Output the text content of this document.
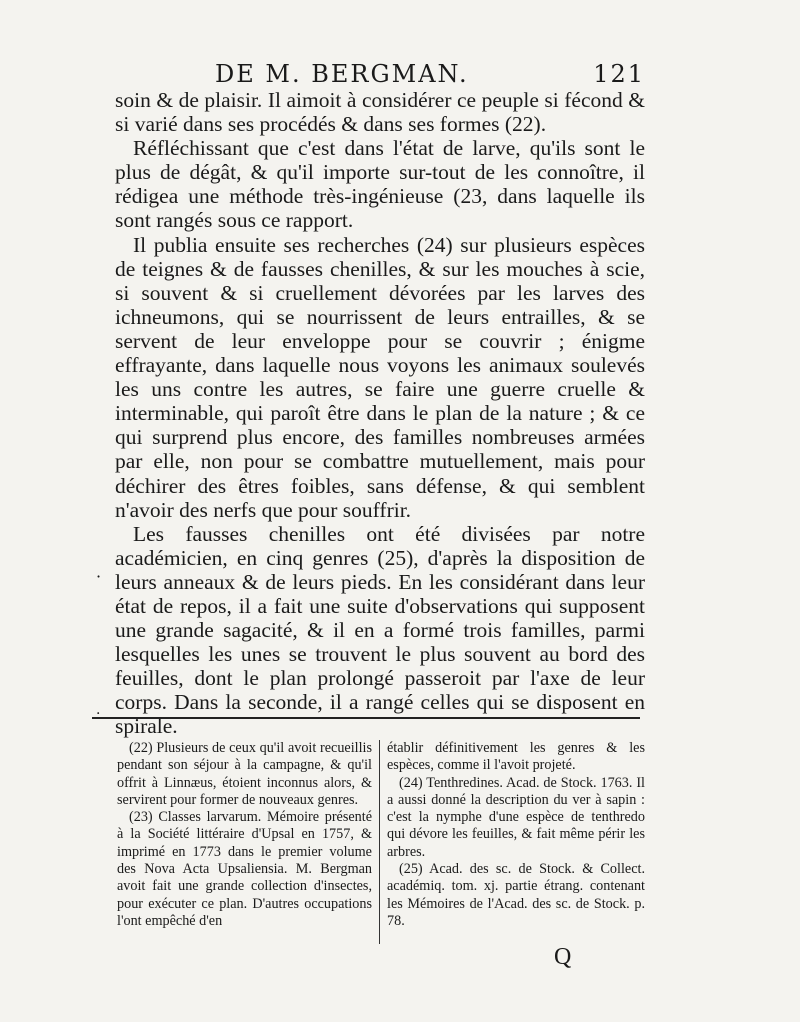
DE M. BERGMAN.	121

soin & de plaisir. Il aimoit à considérer ce peuple si fécond & si varié dans ses procédés & dans ses formes (22).

Réfléchissant que c'est dans l'état de larve, qu'ils sont le plus de dégât, & qu'il importe sur-tout de les connoître, il rédigea une méthode très-ingénieuse (23, dans laquelle ils sont rangés sous ce rapport.

Il publia ensuite ses recherches (24) sur plusieurs espèces de teignes & de fausses chenilles, & sur les mouches à scie, si souvent & si cruellement dévorées par les larves des ichneumons, qui se nourrissent de leurs entrailles, & se servent de leur enveloppe pour se couvrir ; énigme effrayante, dans laquelle nous voyons les animaux soulevés les uns contre les autres, se faire une guerre cruelle & interminable, qui paroît être dans le plan de la nature ; & ce qui surprend plus encore, des familles nombreuses armées par elle, non pour se combattre mutuellement, mais pour déchirer des êtres foibles, sans défense, & qui semblent n'avoir des nerfs que pour souffrir.

Les fausses chenilles ont été divisées par notre académicien, en cinq genres (25), d'après la disposition de leurs anneaux & de leurs pieds. En les considérant dans leur état de repos, il a fait une suite d'observations qui supposent une grande sagacité, & il en a formé trois familles, parmi lesquelles les unes se trouvent le plus souvent au bord des feuilles, dont le plan prolongé passeroit par l'axe de leur corps. Dans la seconde, il a rangé celles qui se disposent en spirale.

·
·

(22) Plusieurs de ceux qu'il avoit recueillis pendant son séjour à la campagne, & qu'il offrit à Linnæus, étoient inconnus alors, & servirent pour former de nouveaux genres.

(23) Classes larvarum. Mémoire présenté à la Société littéraire d'Upsal en 1757, & imprimé en 1773 dans le premier volume des Nova Acta Upsaliensia. M. Bergman avoit fait une grande collection d'insectes, pour exécuter ce plan. D'autres occupations l'ont empêché d'en

établir définitivement les genres & les espèces, comme il l'avoit projeté.

(24) Tenthredines. Acad. de Stock. 1763. Il a aussi donné la description du ver à sapin : c'est la nymphe d'une espèce de tenthredo qui dévore les feuilles, & fait même périr les arbres.

(25) Acad. des sc. de Stock. & Collect. académiq. tom. xj. partie étrang. contenant les Mémoires de l'Acad. des sc. de Stock. p. 78.

Q
